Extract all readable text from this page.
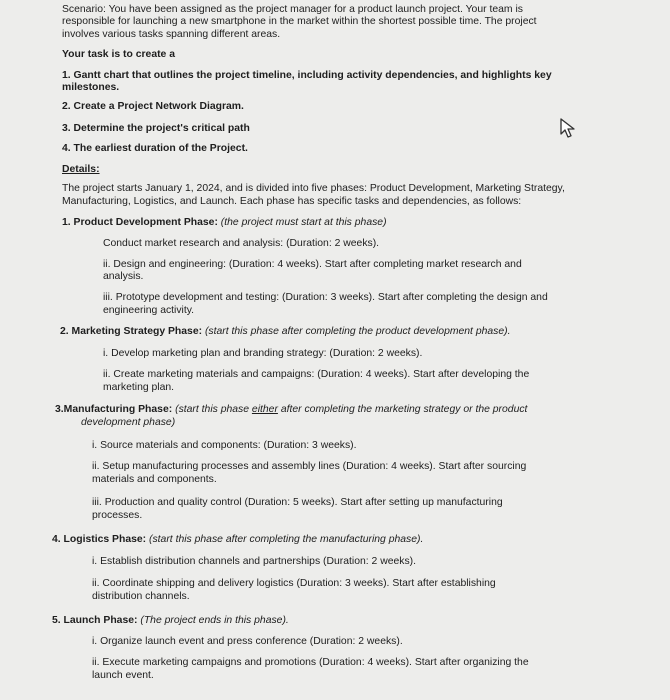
Scenario: You have been assigned as the project manager for a product launch project. Your team is
responsible for launching a new smartphone in the market within the shortest possible time. The project
involves various tasks spanning different areas.
Your task is to create a
1. Gantt chart that outlines the project timeline, including activity dependencies, and highlights key
milestones.
2. Create a Project Network Diagram.
3. Determine the project's critical path
4. The earliest duration of the Project.
Details:
The project starts January 1, 2024, and is divided into five phases: Product Development, Marketing Strategy,
Manufacturing, Logistics, and Launch. Each phase has specific tasks and dependencies, as follows:
1. Product Development Phase: (the project must start at this phase)
Conduct market research and analysis: (Duration: 2 weeks).
ii. Design and engineering: (Duration: 4 weeks). Start after completing market research and
analysis.
iii. Prototype development and testing: (Duration: 3 weeks). Start after completing the design and
engineering activity.
2. Marketing Strategy Phase: (start this phase after completing the product development phase).
i. Develop marketing plan and branding strategy: (Duration: 2 weeks).
ii. Create marketing materials and campaigns: (Duration: 4 weeks). Start after developing the
marketing plan.
3.Manufacturing Phase: (start this phase either after completing the marketing strategy or the product
development phase)
i. Source materials and components: (Duration: 3 weeks).
ii. Setup manufacturing processes and assembly lines (Duration: 4 weeks). Start after sourcing
materials and components.
iii. Production and quality control (Duration: 5 weeks). Start after setting up manufacturing
processes.
4. Logistics Phase: (start this phase after completing the manufacturing phase).
i. Establish distribution channels and partnerships (Duration: 2 weeks).
ii. Coordinate shipping and delivery logistics (Duration: 3 weeks). Start after establishing
distribution channels.
5. Launch Phase: (The project ends in this phase).
i. Organize launch event and press conference (Duration: 2 weeks).
ii. Execute marketing campaigns and promotions (Duration: 4 weeks). Start after organizing the
launch event.
